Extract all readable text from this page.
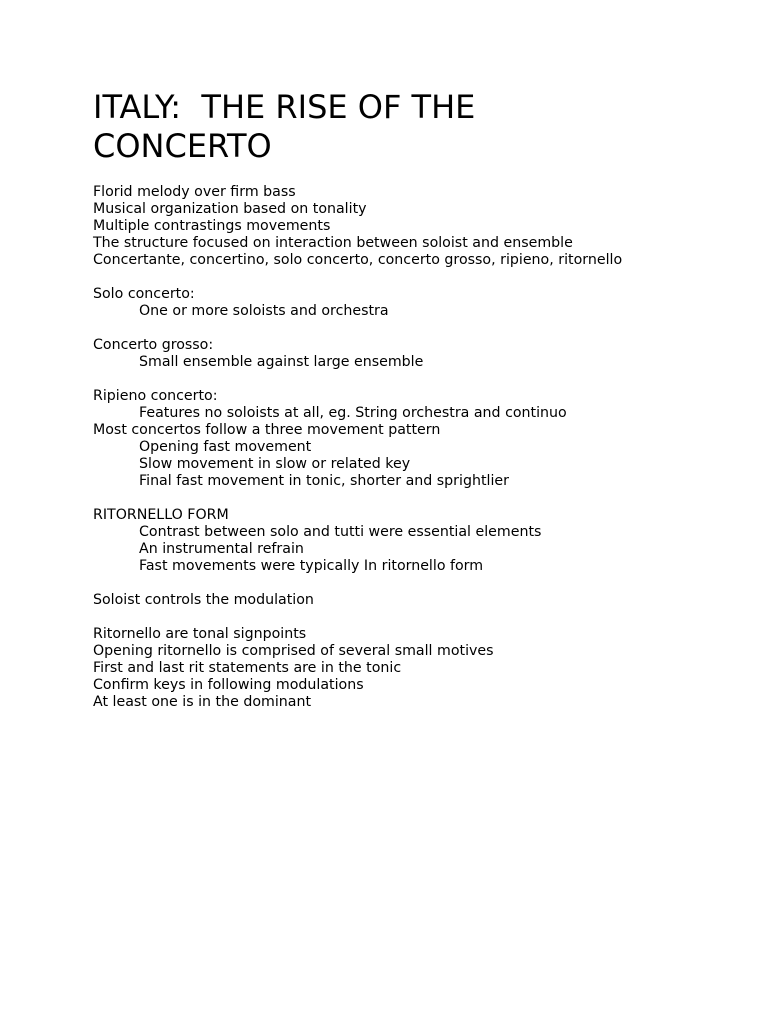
ITALY:  THE RISE OF THE
CONCERTO
Florid melody over firm bass
Musical organization based on tonality
Multiple contrastings movements
The structure focused on interaction between soloist and ensemble
Concertante, concertino, solo concerto, concerto grosso, ripieno, ritornello
Solo concerto:
One or more soloists and orchestra
Concerto grosso:
Small ensemble against large ensemble
Ripieno concerto:
Features no soloists at all, eg. String orchestra and continuo
Most concertos follow a three movement pattern
Opening fast movement
Slow movement in slow or related key
Final fast movement in tonic, shorter and sprightlier
RITORNELLO FORM
Contrast between solo and tutti were essential elements
An instrumental refrain
Fast movements were typically In ritornello form
Soloist controls the modulation
Ritornello are tonal signpoints
Opening ritornello is comprised of several small motives
First and last rit statements are in the tonic
Confirm keys in following modulations
At least one is in the dominant
